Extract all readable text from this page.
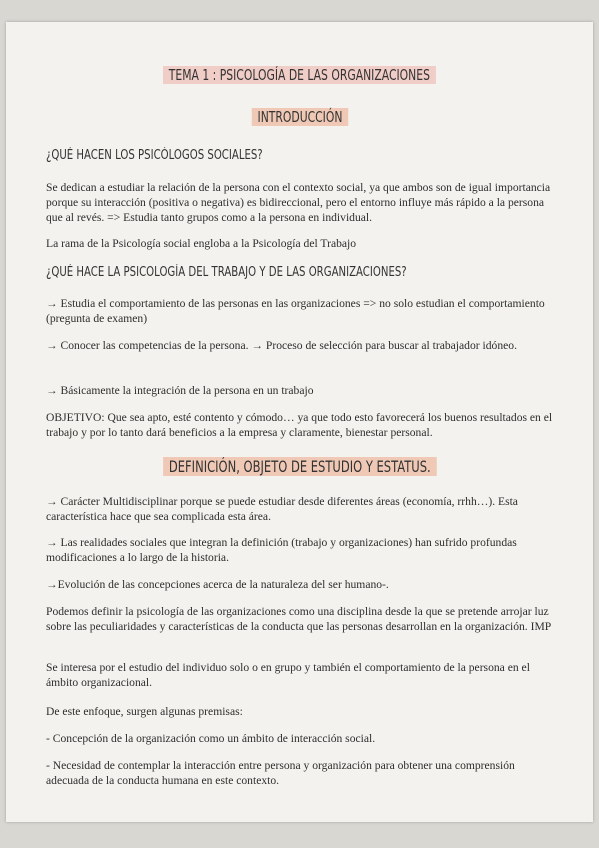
TEMA 1 : PSICOLOGÍA DE LAS ORGANIZACIONES
INTRODUCCIÓN
¿QUÉ HACEN LOS PSICÓLOGOS SOCIALES?
Se dedican a estudiar la relación de la persona con el contexto social, ya que ambos son de igual importancia porque su interacción (positiva o negativa) es bidireccional, pero el entorno influye más rápido a la persona que al revés. => Estudia tanto grupos como a la persona en individual.
La rama de la Psicología social engloba a la Psicología del Trabajo
¿QUÉ HACE LA PSICOLOGÍA DEL TRABAJO Y DE LAS ORGANIZACIONES?
→ Estudia el comportamiento de las personas en las organizaciones => no solo estudian el comportamiento (pregunta de examen)
→ Conocer las competencias de la persona. → Proceso de selección para buscar al trabajador idóneo.
→ Básicamente la integración de la persona en un trabajo
OBJETIVO: Que sea apto, esté contento y cómodo… ya que todo esto favorecerá los buenos resultados en el trabajo y por lo tanto dará beneficios a la empresa y claramente, bienestar personal.
DEFINICIÓN, OBJETO DE ESTUDIO Y ESTATUS.
→ Carácter Multidisciplinar porque se puede estudiar desde diferentes áreas (economía, rrhh…). Esta característica hace que sea complicada esta área.
→ Las realidades sociales que integran la definición (trabajo y organizaciones) han sufrido profundas modificaciones a lo largo de la historia.
→Evolución de las concepciones acerca de la naturaleza del ser humano-.
Podemos definir la psicología de las organizaciones como una disciplina desde la que se pretende arrojar luz sobre las peculiaridades y características de la conducta que las personas desarrollan en la organización. IMP
Se interesa por el estudio del individuo solo o en grupo y también el comportamiento de la persona en el ámbito organizacional.
De este enfoque, surgen algunas premisas:
- Concepción de la organización como un ámbito de interacción social.
- Necesidad de contemplar la interacción entre persona y organización para obtener una comprensión adecuada de la conducta humana en este contexto.
